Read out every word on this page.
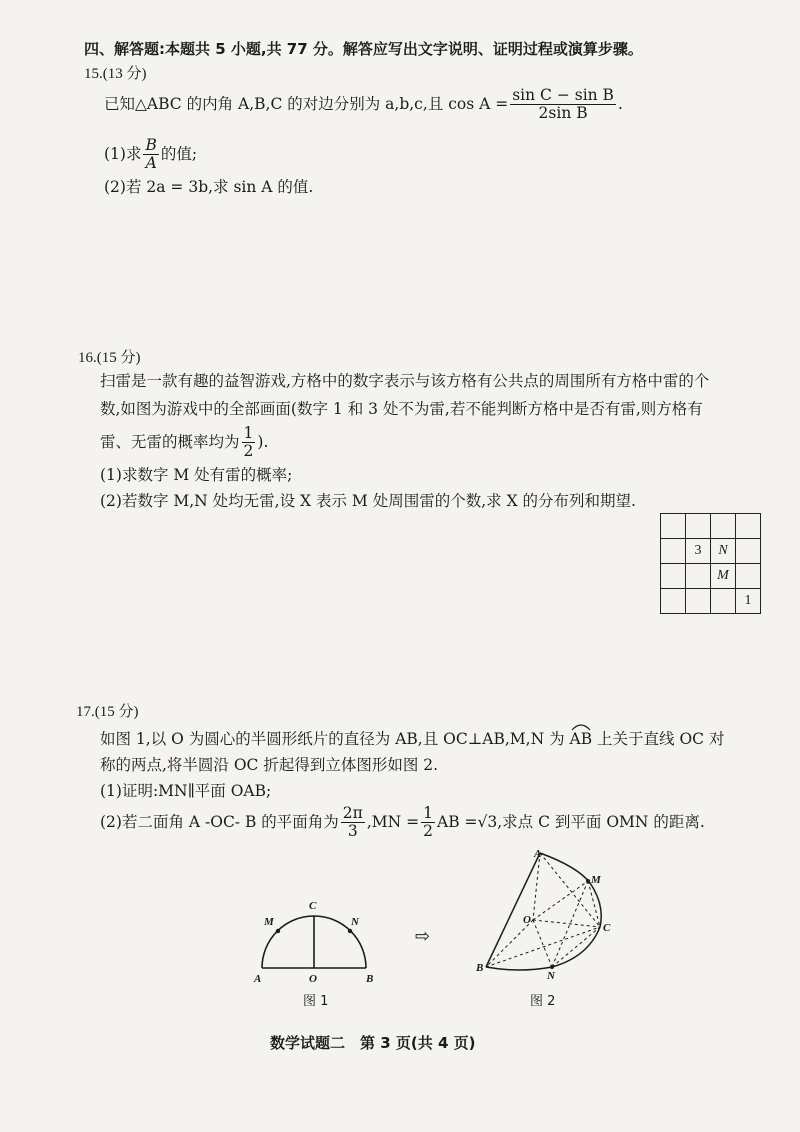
四、解答题:本题共 5 小题,共 77 分。解答应写出文字说明、证明过程或演算步骤。
15.(13 分)
已知△ABC 的内角 A,B,C 的对边分别为 a,b,c,且 $\cos A = \frac{\text{sin C − sin B}}{\text{2sin B}}$ .
(1)求 $\frac{B}{A}$ 的值;
(2)若 2a = 3b,求 sin A 的值.
16.(15 分)
扫雷是一款有趣的益智游戏,方格中的数字表示与该方格有公共点的周围所有方格中雷的个
数,如图为游戏中的全部画面(数字 1 和 3 处不为雷,若不能判断方格中是否有雷,则方格有
雷、无雷的概率均为 $\frac{1}{2}$ ).
(1)求数字 M 处有雷的概率;
(2)若数字 M,N 处均无雷,设 X 表示 M 处周围雷的个数,求 X 的分布列和期望.

	3	N	
		M	
			1
17.(15 分)
如图 1,以 O 为圆心的半圆形纸片的直径为 AB,且 OC⊥AB,M,N 为
AB 上关于直线 OC 对
称的两点,将半圆沿 OC 折起得到立体图形如图 2.
(1)证明:MN∥平面 OAB;
(2)若二面角 A -OC- B 的平面角为 $\frac{2\pi}{3} ,MN = \frac{1}{2}$ AB =√3,求点 C 到平面 OMN 的距离.
A	O	B
C
M	N
图 1
⇨
A
M
O
C
B
N
图 2
数学试题二　第 3 页(共 4 页)
